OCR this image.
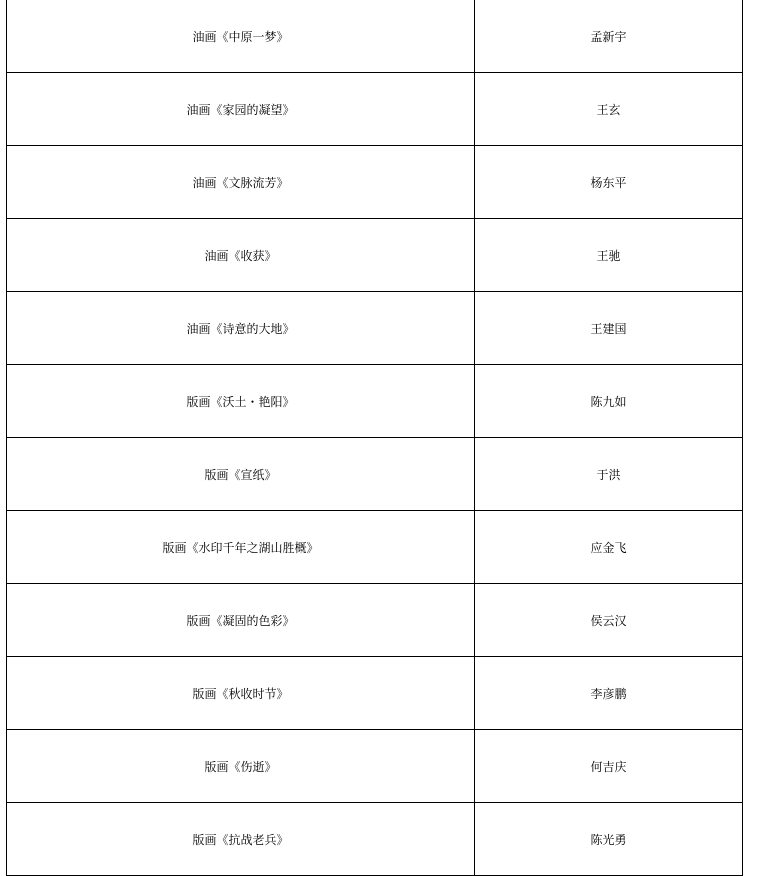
油画《中原一梦》	孟新宇
油画《家园的凝望》	王玄
油画《文脉流芳》	杨东平
油画《收获》	王驰
油画《诗意的大地》	王建国
版画《沃土・艳阳》	陈九如
版画《宣纸》	于洪
版画《水印千年之湖山胜概》	应金飞
版画《凝固的色彩》	侯云汉
版画《秋收时节》	李彦鹏
版画《伤逝》	何吉庆
版画《抗战老兵》	陈光勇
